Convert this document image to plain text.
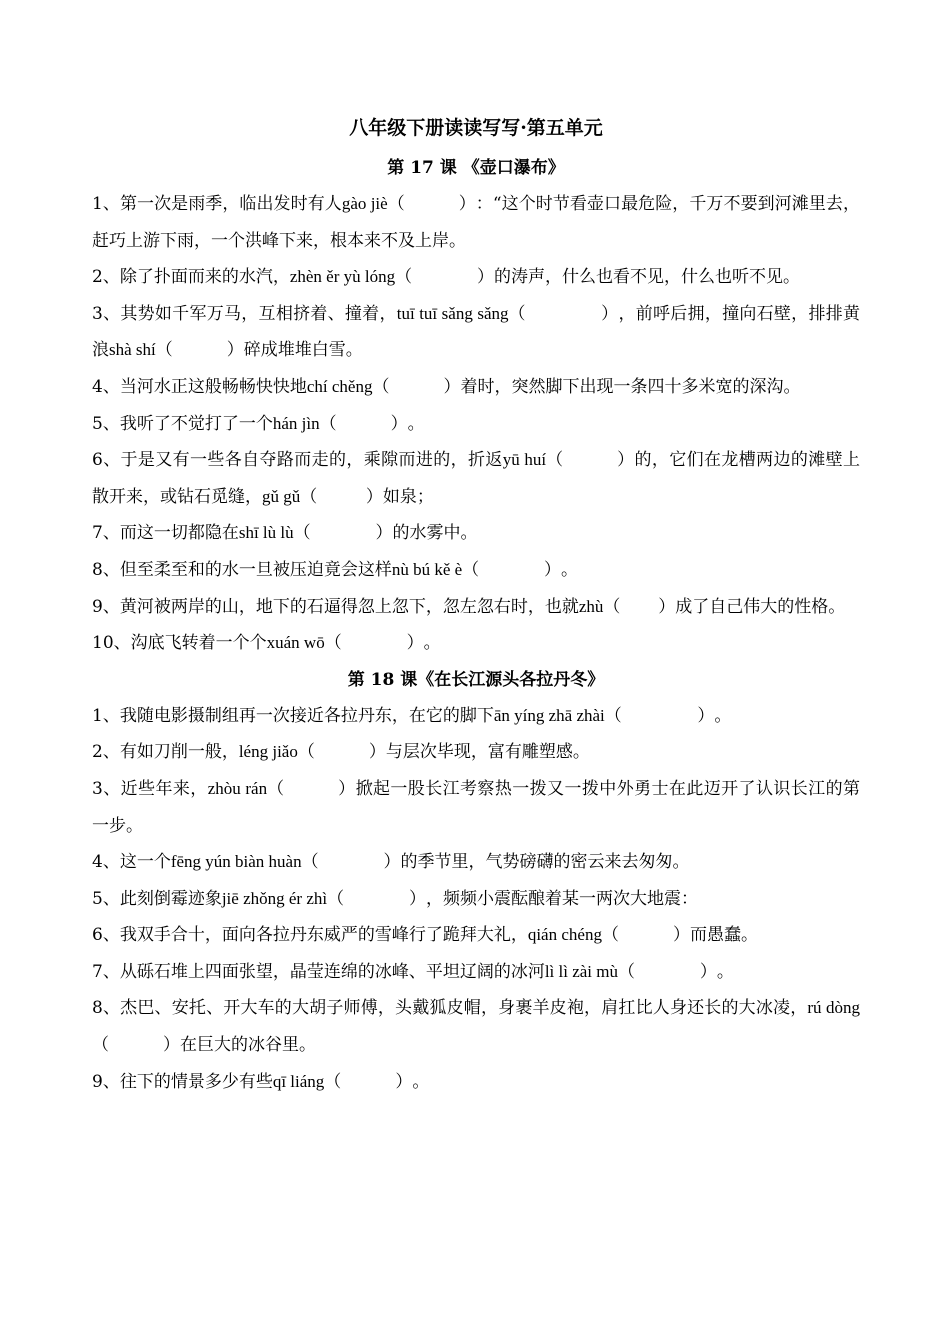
八年级下册读读写写·第五单元
第 17 课 《壶口瀑布》

1、第一次是雨季，临出发时有人gào jiè（          ）：“这个时节看壶口最危险，千万不要到河滩里去，赶巧上游下雨，一个洪峰下来，根本来不及上岸。

2、除了扑面而来的水汽，zhèn ěr yù lóng（            ）的涛声，什么也看不见，什么也听不见。

3、其势如千军万马，互相挤着、撞着，tuī tuī sǎng sǎng（              ），前呼后拥，撞向石壁，排排黄浪shà shí（          ）碎成堆堆白雪。

4、当河水正这般畅畅快快地chí chěng（          ）着时，突然脚下出现一条四十多米宽的深沟。

5、我听了不觉打了一个hán jìn（          ）。

6、于是又有一些各自夺路而走的，乘隙而进的，折返yū huí（          ）的，它们在龙槽两边的滩壁上散开来，或钻石觅缝，gǔ gǔ（         ）如泉；

7、而这一切都隐在shī lù lù（            ）的水雾中。

8、但至柔至和的水一旦被压迫竟会这样nù bú kě è（            ）。

9、黄河被两岸的山，地下的石逼得忽上忽下，忽左忽右时，也就zhù（       ）成了自己伟大的性格。

10、沟底飞转着一个个xuán wō（            ）。

第 18 课《在长江源头各拉丹冬》

1、我随电影摄制组再一次接近各拉丹东，在它的脚下ān yíng zhā zhài（              ）。

2、有如刀削一般，léng jiǎo（          ）与层次毕现，富有雕塑感。

3、近些年来，zhòu rán（          ）掀起一股长江考察热一拨又一拨中外勇士在此迈开了认识长江的第一步。

4、这一个fēng yún biàn huàn（            ）的季节里，气势磅礴的密云来去匆匆。

5、此刻倒霉迹象jiē zhǒng ér zhì（            ），频频小震酝酿着某一两次大地震：

6、我双手合十，面向各拉丹东威严的雪峰行了跪拜大礼，qián chéng（          ）而愚蠢。

7、从砾石堆上四面张望，晶莹连绵的冰峰、平坦辽阔的冰河lì lì zài mù（            ）。

8、杰巴、安托、开大车的大胡子师傅，头戴狐皮帽，身裹羊皮袍，肩扛比人身还长的大冰凌，rú dòng（          ）在巨大的冰谷里。

9、往下的情景多少有些qī liáng（          ）。
